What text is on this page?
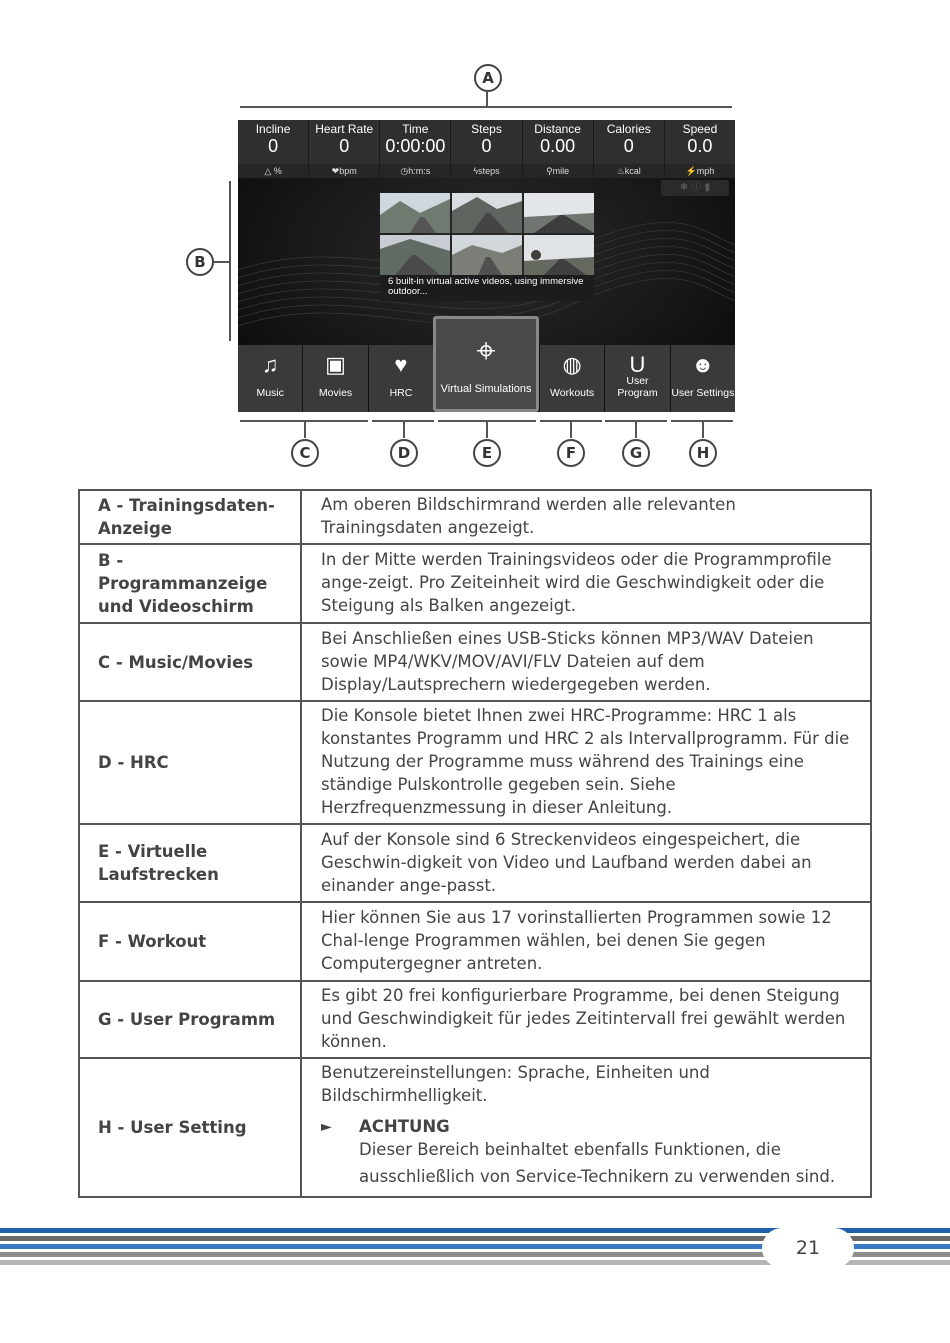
A
B
Incline
0
△ %
Heart Rate
0
❤bpm
Time
0:00:00
◷h:m:s
Steps
0
ϟsteps
Distance
0.00
⚲mile
Calories
0
♨kcal
Speed
0.0
⚡mph
✱ ⓘ ▮
6 built-in virtual active videos, using immersive outdoor...
♫
Music
▣
Movies
♥
HRC
⌖
Virtual Simulations
◍
Workouts
U
User Program
☻
User Settings
C	D	E	F	G	H
A - Trainingsdaten-Anzeige	Am oberen Bildschirmrand werden alle relevanten Trainingsdaten angezeigt.
B - Programmanzeige und Videoschirm	In der Mitte werden Trainingsvideos oder die Programmprofile ange-zeigt. Pro Zeiteinheit wird die Geschwindigkeit oder die Steigung als Balken angezeigt.
C - Music/Movies	Bei Anschließen eines USB-Sticks können MP3/WAV Dateien sowie MP4/WKV/MOV/AVI/FLV Dateien auf dem Display/Lautsprechern wiedergegeben werden.
D - HRC	Die Konsole bietet Ihnen zwei HRC-Programme: HRC 1 als konstantes Programm und HRC 2 als Intervallprogramm. Für die Nutzung der Programme muss während des Trainings eine ständige Pulskontrolle gegeben sein. Siehe Herzfrequenzmessung in dieser Anleitung.
E - Virtuelle Laufstrecken	Auf der Konsole sind 6 Streckenvideos eingespeichert, die Geschwin-digkeit von Video und Laufband werden dabei an einander ange-passt.
F - Workout	Hier können Sie aus 17 vorinstallierten Programmen sowie 12 Chal-lenge Programmen wählen, bei denen Sie gegen Computergegner antreten.
G - User Programm	Es gibt 20 frei konfigurierbare Programme, bei denen Steigung und Geschwindigkeit für jedes Zeitintervall frei gewählt werden können.
H - User Setting	Benutzereinstellungen: Sprache, Einheiten und Bildschirmhelligkeit.
► ACHTUNG
Dieser Bereich beinhaltet ebenfalls Funktionen, die
ausschließlich von Service-Technikern zu verwenden sind.
21
